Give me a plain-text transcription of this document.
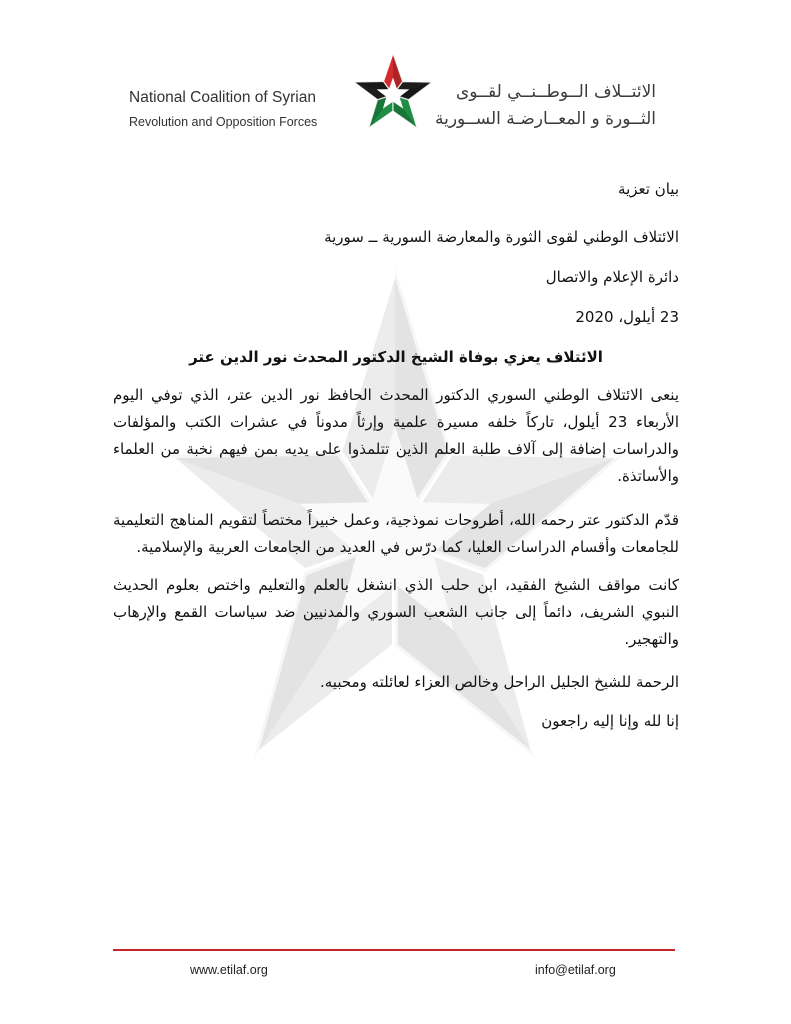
National Coalition of Syrian
Revolution and Opposition Forces
الائتــلاف الــوطــنــي لقــوى
الثــورة و المعــارضـة الســورية
بيان تعزية
الائتلاف الوطني لقوى الثورة والمعارضة السورية ــ سورية
دائرة الإعلام والاتصال
23 أيلول، 2020
الائتلاف يعزي بوفاة الشيخ الدكتور المحدث نور الدين عتر

ينعى الائتلاف الوطني السوري الدكتور المحدث الحافظ نور الدين عتر، الذي توفي اليوم الأربعاء 23 أيلول، تاركاً خلفه مسيرة علمية وإرثاً مدوناً في عشرات الكتب والمؤلفات والدراسات إضافة إلى آلاف طلبة العلم الذين تتلمذوا على يديه بمن فيهم نخبة من العلماء والأساتذة.

قدّم الدكتور عتر رحمه الله، أطروحات نموذجية، وعمل خبيراً مختصاً لتقويم المناهج التعليمية للجامعات وأقسام الدراسات العليا، كما درّس في العديد من الجامعات العربية والإسلامية.

كانت مواقف الشيخ الفقيد، ابن حلب الذي انشغل بالعلم والتعليم واختص بعلوم الحديث النبوي الشريف، دائماً إلى جانب الشعب السوري والمدنيين ضد سياسات القمع والإرهاب والتهجير.

الرحمة للشيخ الجليل الراحل وخالص العزاء لعائلته ومحبيه.
إنا لله وإنا إليه راجعون
www.etilaf.org	info@etilaf.org
